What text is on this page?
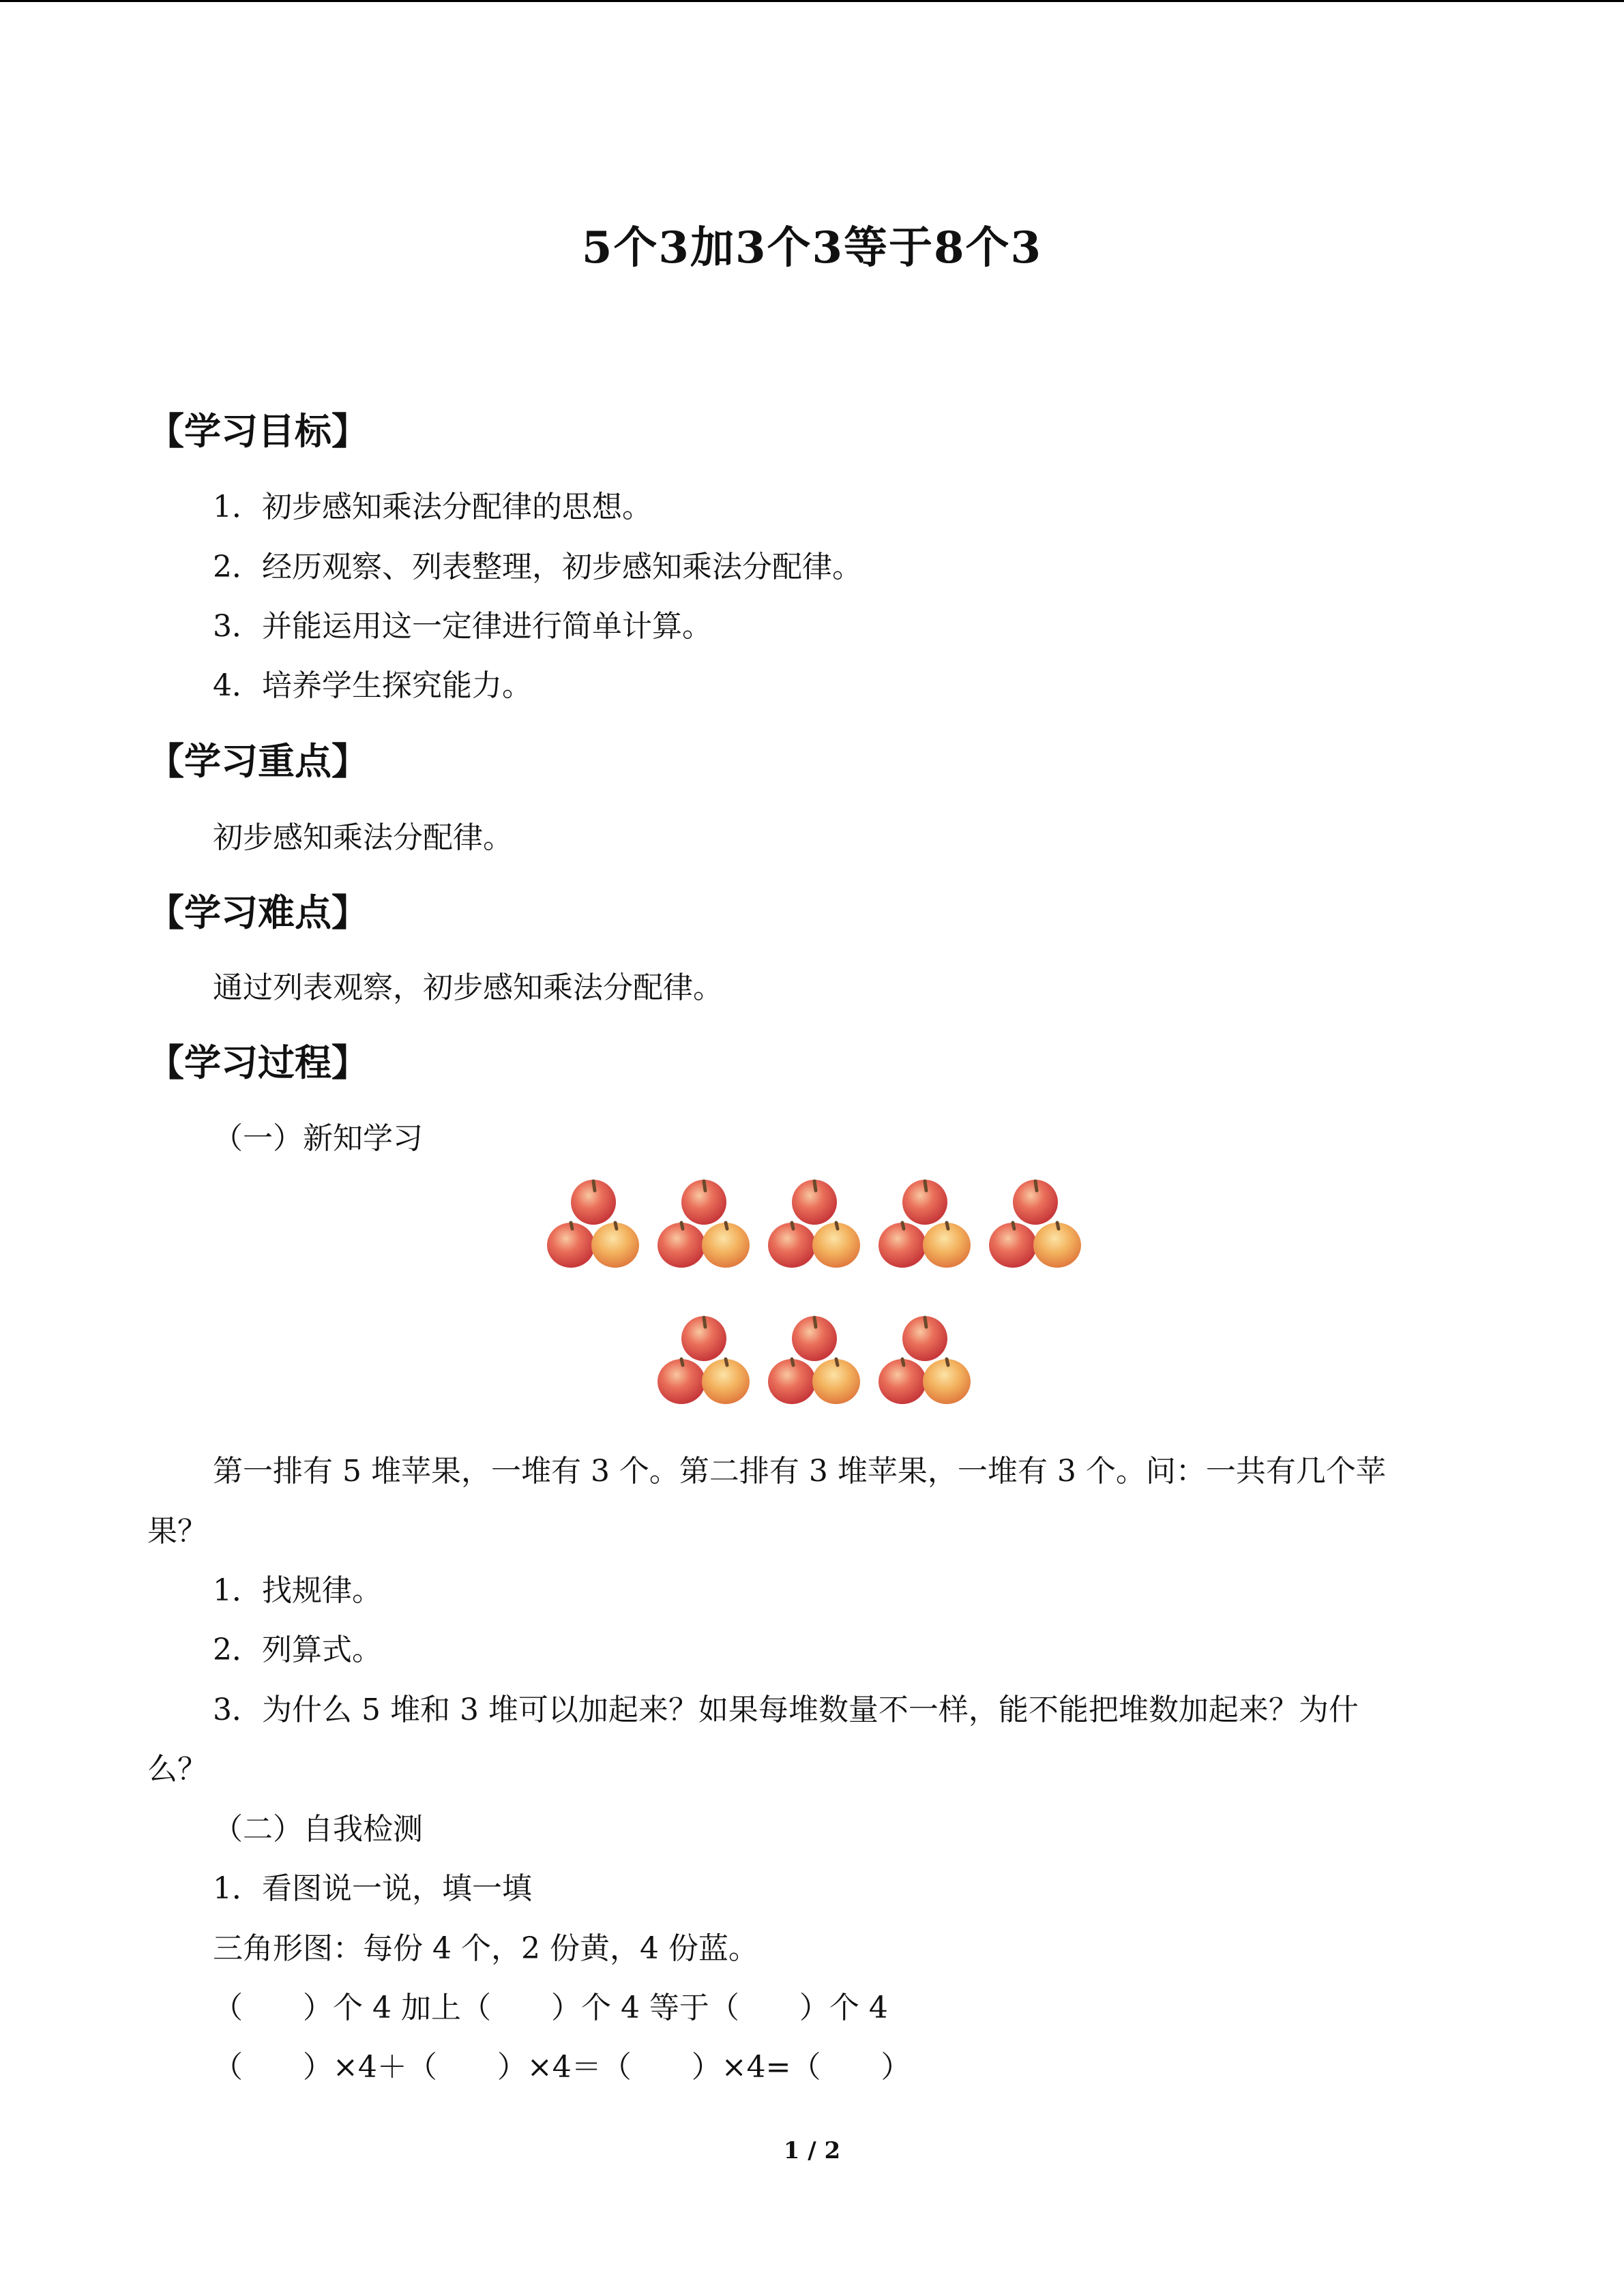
5个3加3个3等于8个3
【学习目标】
1．初步感知乘法分配律的思想。
2．经历观察、列表整理，初步感知乘法分配律。
3．并能运用这一定律进行简单计算。
4．培养学生探究能力。
【学习重点】
初步感知乘法分配律。
【学习难点】
通过列表观察，初步感知乘法分配律。
【学习过程】
（一）新知学习
第一排有 5 堆苹果，一堆有 3 个。第二排有 3 堆苹果，一堆有 3 个。问：一共有几个苹
果？
1．找规律。
2．列算式。
3．为什么 5 堆和 3 堆可以加起来？如果每堆数量不一样，能不能把堆数加起来？为什
么？
（二）自我检测
1．看图说一说，填一填
三角形图：每份 4 个，2 份黄，4 份蓝。
（　　）个 4 加上（　　）个 4 等于（　　）个 4
（　　）×4＋（　　）×4＝（　　）×4=（　　）
1 / 2
